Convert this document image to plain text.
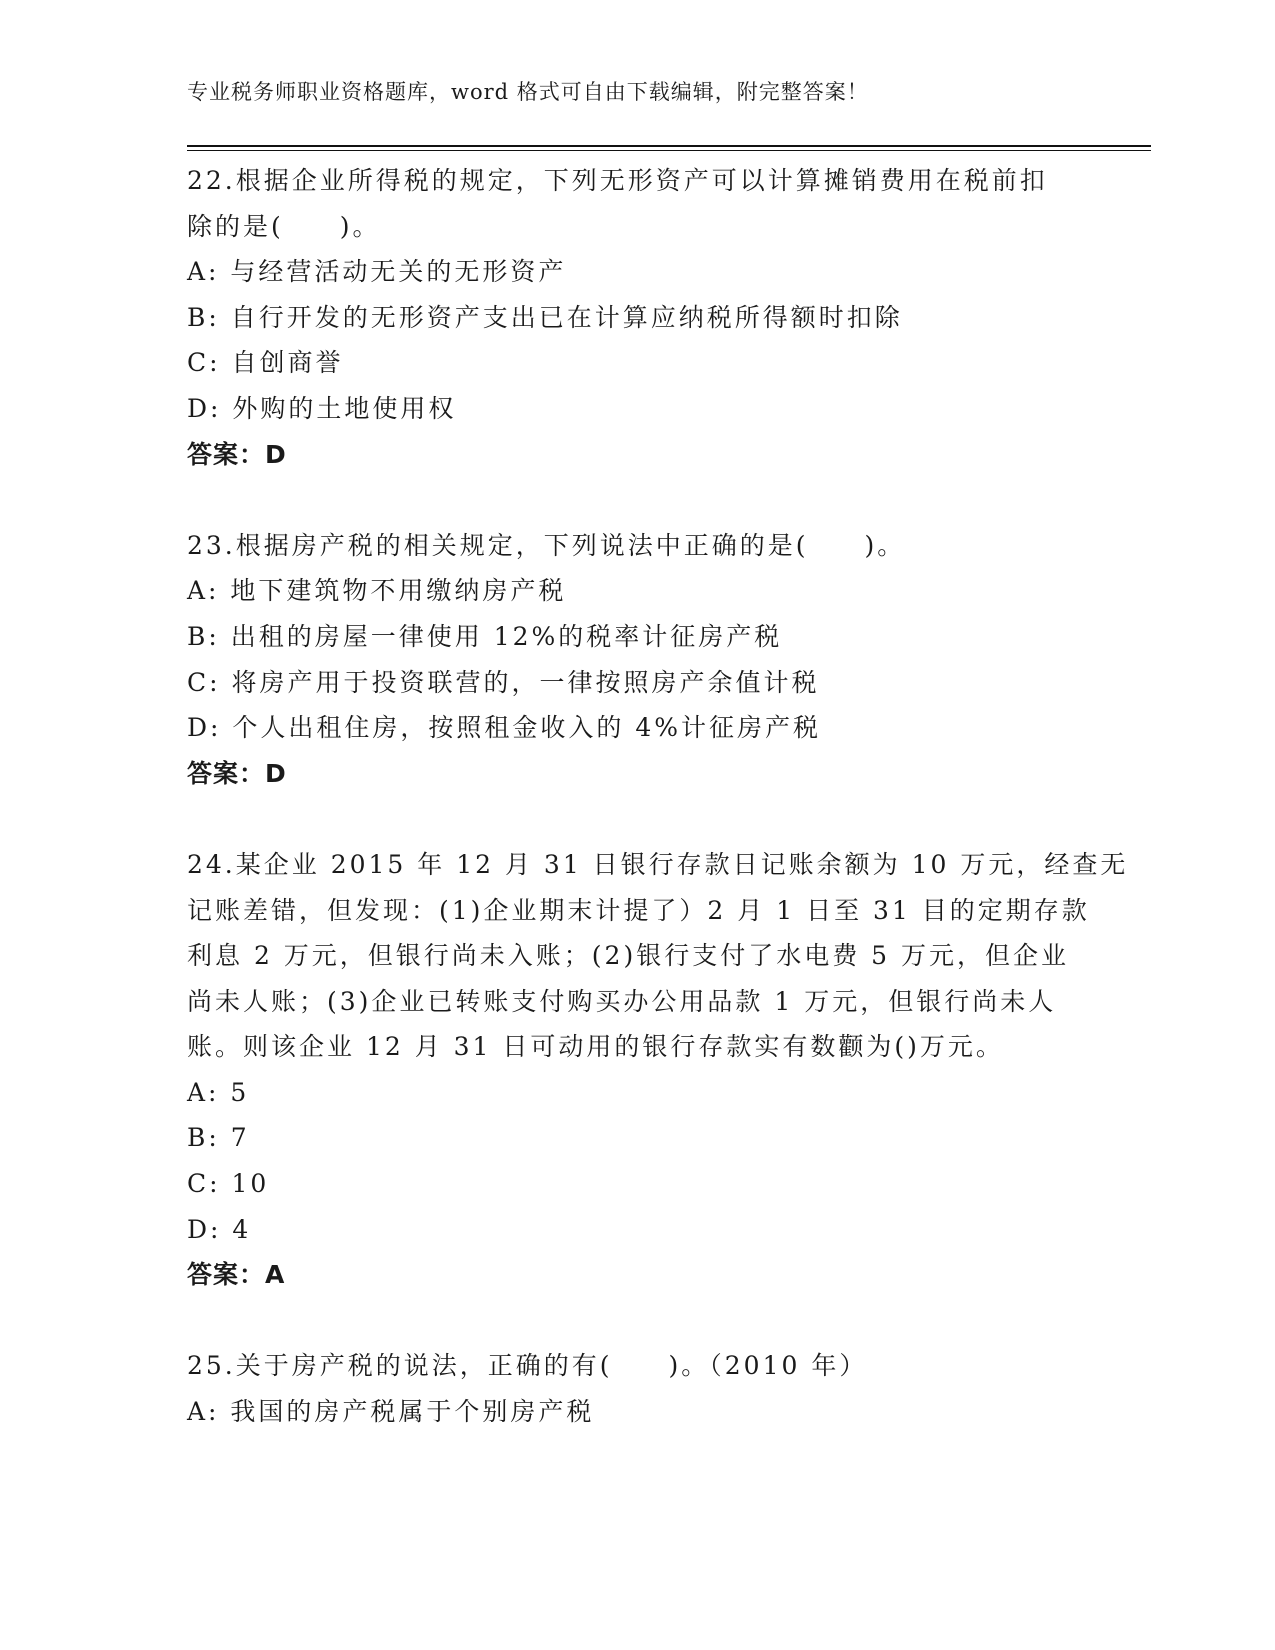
专业税务师职业资格题库，word 格式可自由下载编辑，附完整答案！
22.根据企业所得税的规定，下列无形资产可以计算摊销费用在税前扣
除的是(　　)。
A: 与经营活动无关的无形资产
B: 自行开发的无形资产支出已在计算应纳税所得额时扣除
C: 自创商誉
D: 外购的土地使用权
答案：D
23.根据房产税的相关规定，下列说法中正确的是(　　)。
A: 地下建筑物不用缴纳房产税
B: 出租的房屋一律使用 12%的税率计征房产税
C: 将房产用于投资联营的，一律按照房产余值计税
D: 个人出租住房，按照租金收入的 4%计征房产税
答案：D
24.某企业 2015 年 12 月 31 日银行存款日记账余额为 10 万元，经查无
记账差错，但发现：(1)企业期末计提了）2 月 1 日至 31 目的定期存款
利息 2 万元，但银行尚未入账；(2)银行支付了水电费 5 万元，但企业
尚未人账；(3)企业已转账支付购买办公用品款 1 万元，但银行尚未人
账。则该企业 12 月 31 日可动用的银行存款实有数颧为()万元。
A: 5
B: 7
C: 10
D: 4
答案：A
25.关于房产税的说法，正确的有(　　)。（2010 年）
A: 我国的房产税属于个别房产税
